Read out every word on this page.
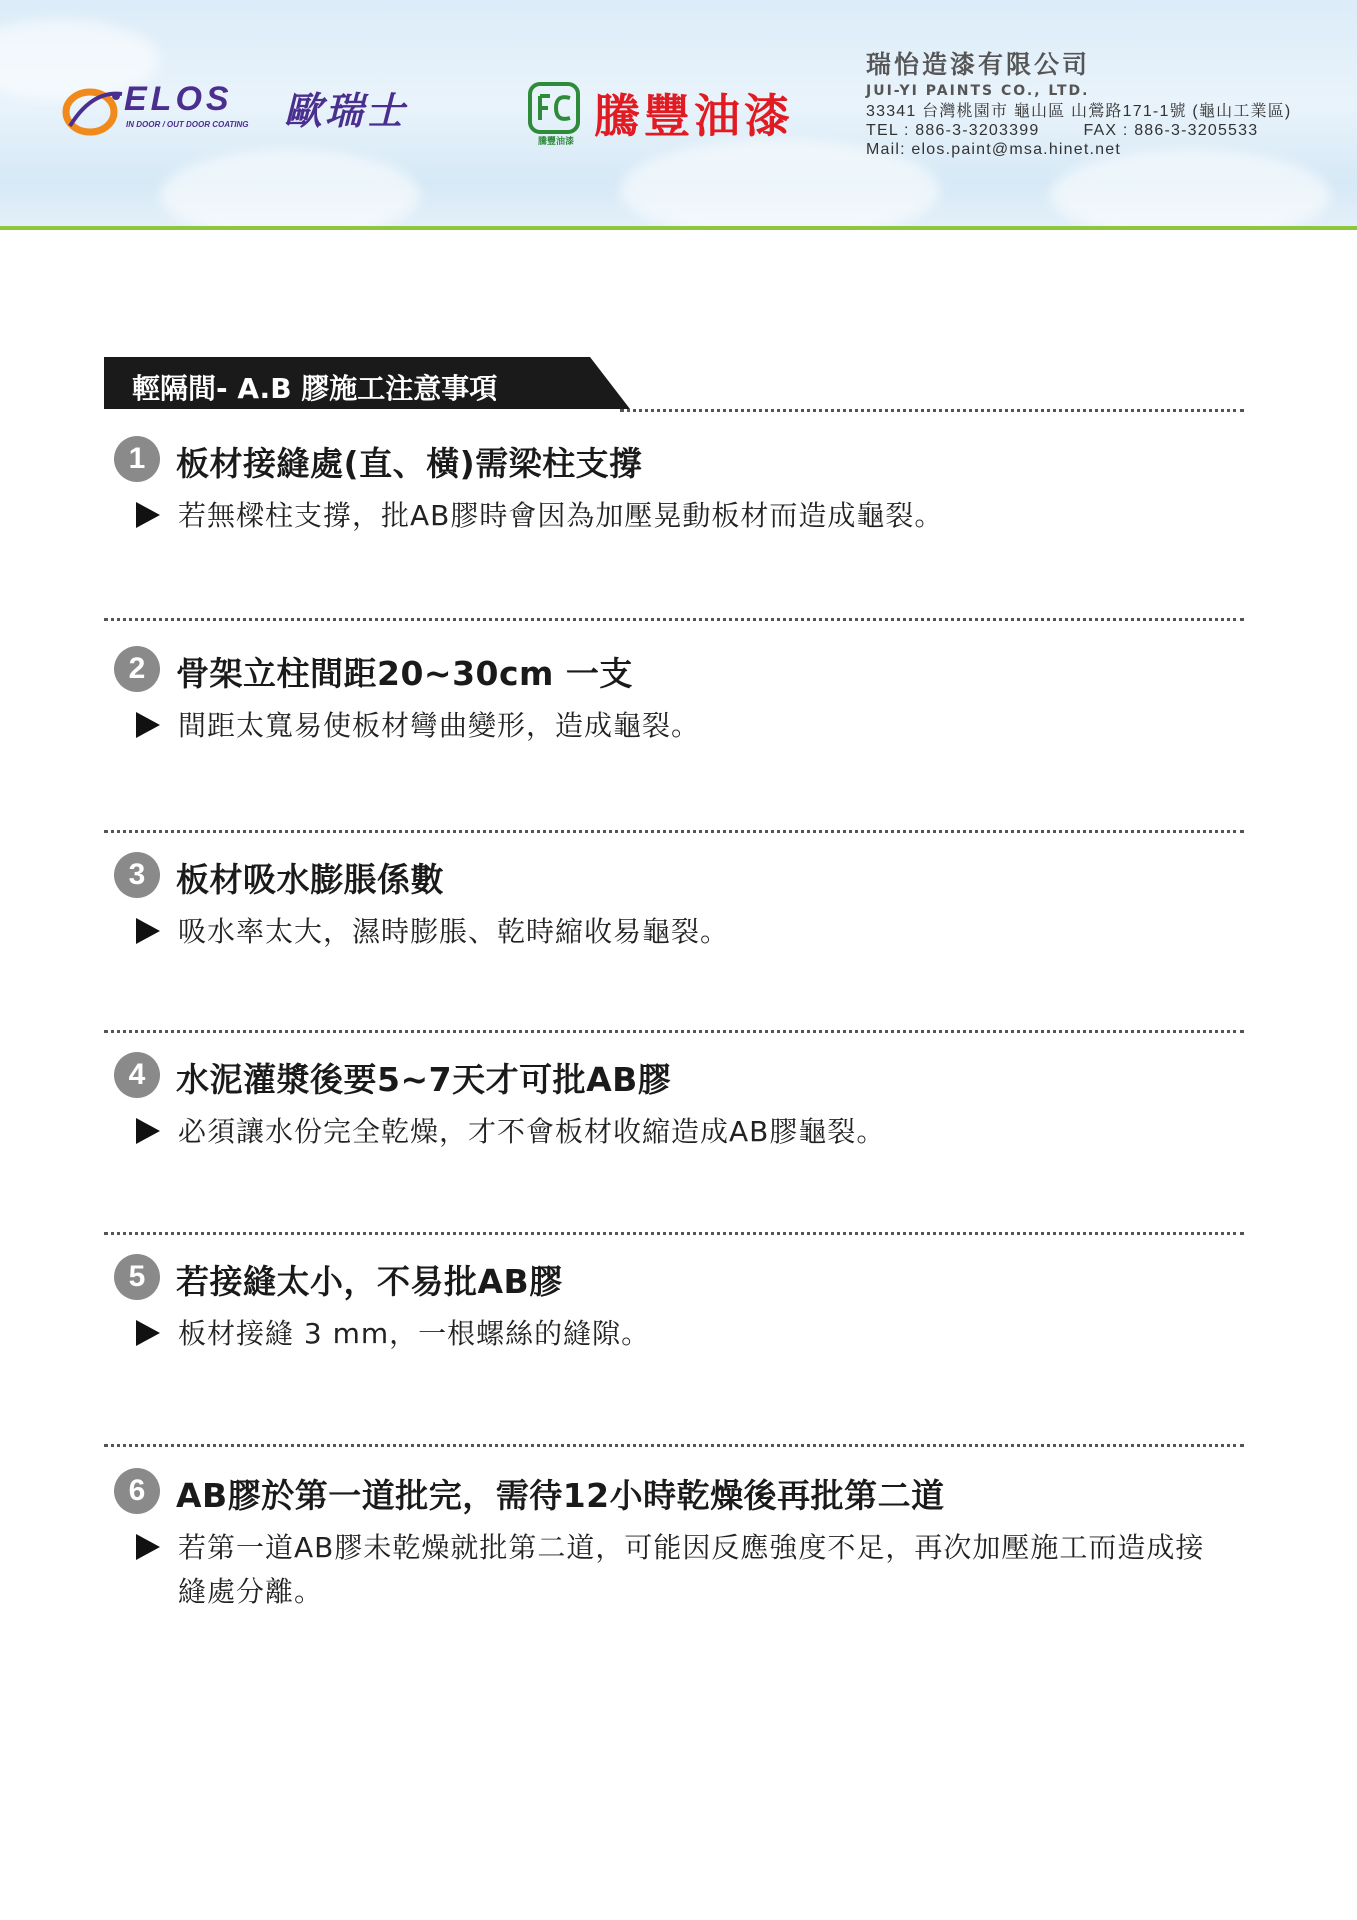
ELOS
IN DOOR / OUT DOOR COATING 歐瑞士
騰豐油漆 騰豐油漆
瑞怡造漆有限公司
JUI-YI PAINTS CO., LTD.
33341 台灣桃園市 龜山區 山鶯路171-1號 (龜山工業區)
TEL : 886-3-3203399	FAX : 886-3-3205533
Mail: elos.paint@msa.hinet.net
輕隔間- A.B 膠施工注意事項
1 板材接縫處(直、橫)需梁柱支撐
若無樑柱支撐，批AB膠時會因為加壓晃動板材而造成龜裂。
2 骨架立柱間距20~30cm 一支
間距太寬易使板材彎曲變形，造成龜裂。
3 板材吸水膨脹係數
吸水率太大，濕時膨脹、乾時縮收易龜裂。
4 水泥灌漿後要5~7天才可批AB膠
必須讓水份完全乾燥，才不會板材收縮造成AB膠龜裂。
5 若接縫太小，不易批AB膠
板材接縫 3 mm，一根螺絲的縫隙。
6 AB膠於第一道批完，需待12小時乾燥後再批第二道
若第一道AB膠未乾燥就批第二道，可能因反應強度不足，再次加壓施工而造成接縫處分離。
